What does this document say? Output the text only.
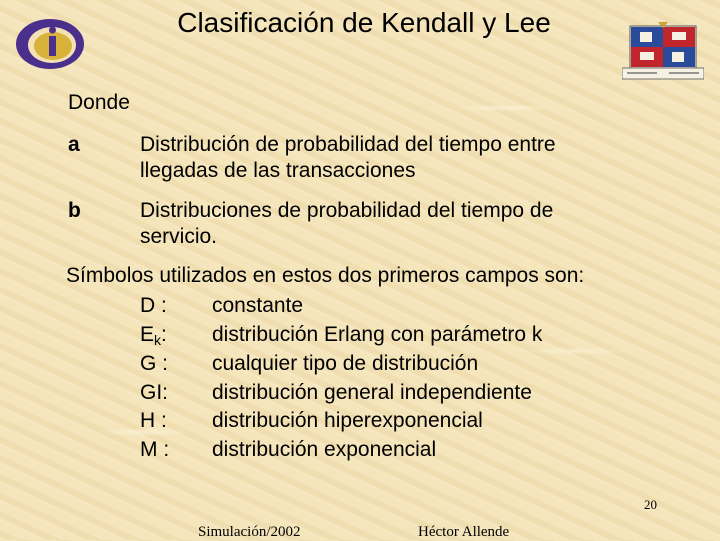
Clasificación de Kendall y Lee
Donde
a	Distribución de probabilidad del tiempo entre
llegadas de las transacciones
b	Distribuciones de probabilidad del tiempo de
servicio.
Símbolos utilizados en estos dos primeros campos son:
D : constante
$E_k$: distribución Erlang con parámetro k
G : cualquier tipo de distribución
GI: distribución general independiente
H : distribución hiperexponencial
M : distribución exponencial
20
Simulación/2002	Héctor Allende
